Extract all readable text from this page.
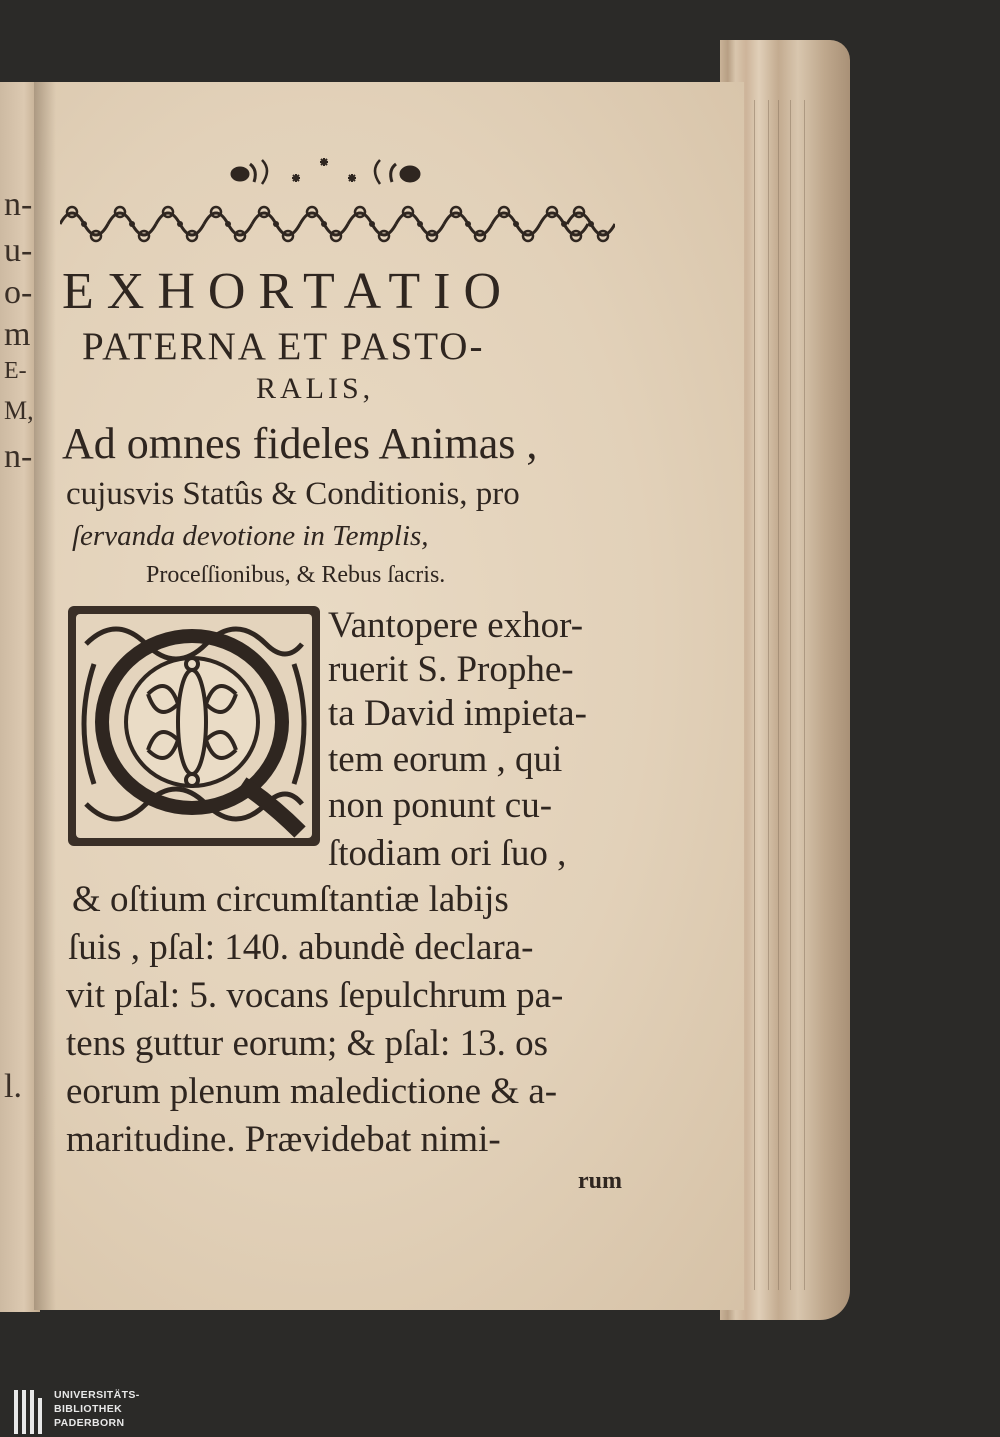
n-
u-
o-
m
E-
M,
n-
l.
EXHORTATIO
PATERNA ET PASTO-
RALIS,
Ad omnes fideles Animas ,
cujusvis Statûs & Conditionis, pro
ſervanda devotione in Templis,
Proceſſionibus, & Rebus ſacris.
Vantopere exhor-
ruerit S. Prophe-
ta David impieta-
tem eorum , qui
non ponunt cu-
ſtodiam ori ſuo ,
& oſtium circumſtantiæ labijs
ſuis , pſal: 140. abundè declara-
vit pſal: 5. vocans ſepulchrum pa-
tens guttur eorum; & pſal: 13. os
eorum plenum maledictione & a-
maritudine. Prævidebat nimi-
rum
UNIVERSITÄTS-
BIBLIOTHEK
PADERBORN
